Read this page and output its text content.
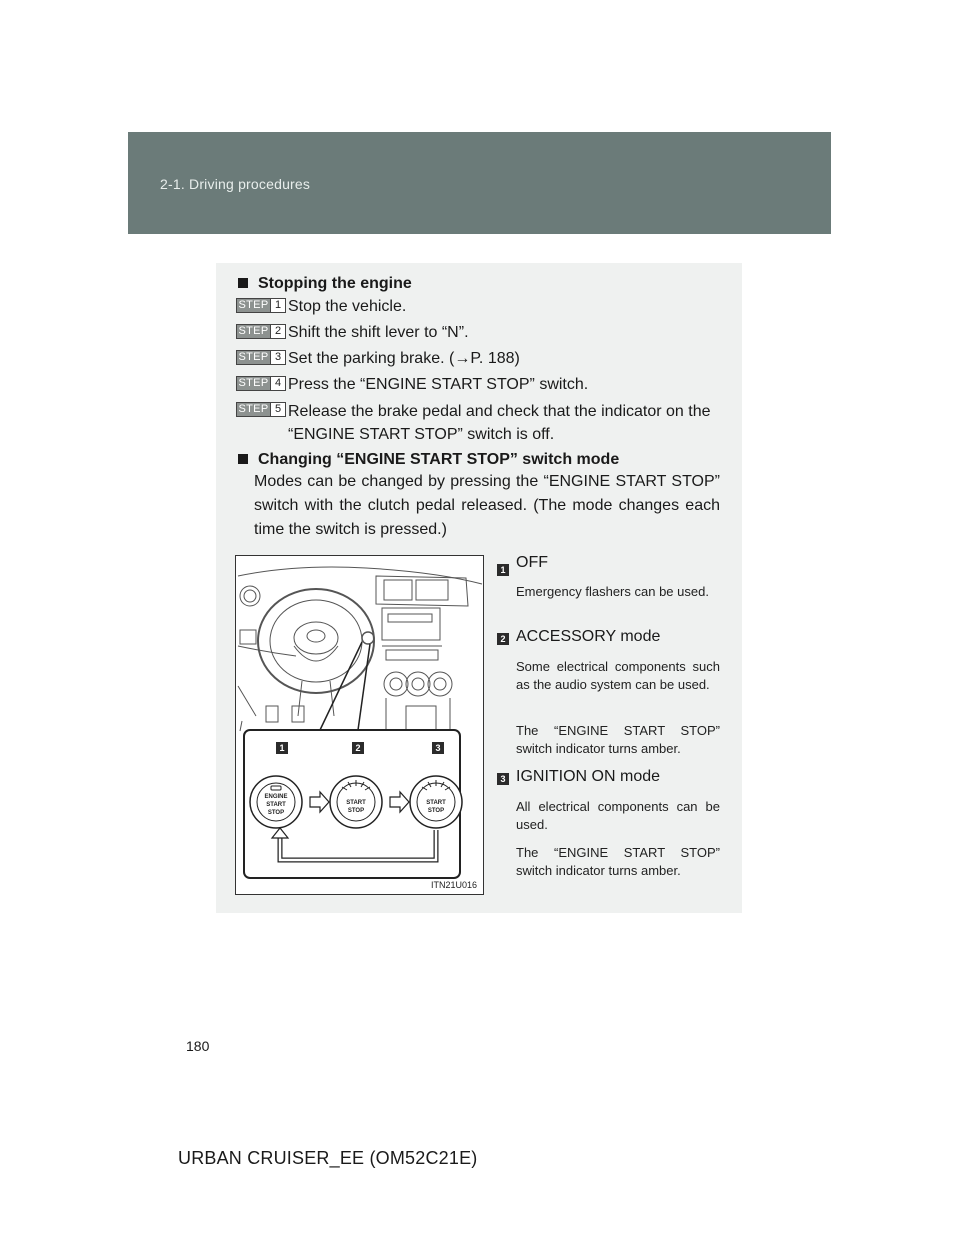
2-1. Driving procedures
Stopping the engine
STEP 1 Stop the vehicle.
STEP 2 Shift the shift lever to “N”.
STEP 3 Set the parking brake. (→P. 188)
STEP 4 Press the “ENGINE START STOP” switch.
STEP 5 Release the brake pedal and check that the indicator on the “ENGINE START STOP” switch is off.
Changing “ENGINE START STOP” switch mode
Modes can be changed by pressing the “ENGINE START STOP” switch with the clutch pedal released. (The mode changes each time the switch is pressed.)
ENGINE
START
STOP
START
STOP
START
STOP
1	2	3
ITN21U016
1 OFF
Emergency flashers can be used.
2 ACCESSORY mode
Some electrical components such as the audio system can be used.
The “ENGINE START STOP” switch indicator turns amber.
3 IGNITION ON mode
All electrical components can be used.
The “ENGINE START STOP” switch indicator turns amber.
180
URBAN CRUISER_EE (OM52C21E)
